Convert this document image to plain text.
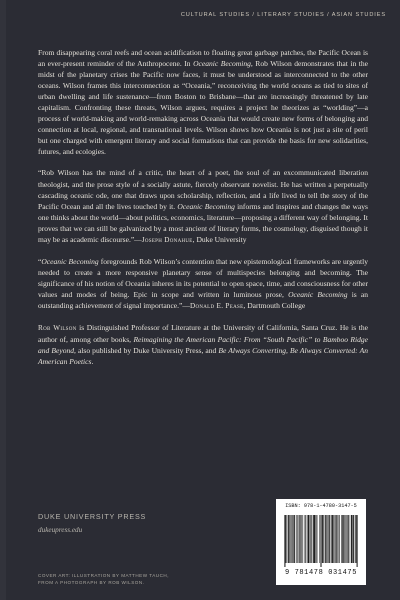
CULTURAL STUDIES / LITERARY STUDIES / ASIAN STUDIES

From disappearing coral reefs and ocean acidification to floating great garbage patches, the Pacific Ocean is an ever-present reminder of the Anthropocene. In Oceanic Becoming, Rob Wilson demonstrates that in the midst of the planetary crises the Pacific now faces, it must be understood as interconnected to the other oceans. Wilson frames this interconnection as “Oceania,” reconceiving the world oceans as tied to sites of urban dwelling and life sustenance—from Boston to Brisbane—that are increasingly threatened by late capitalism. Confronting these threats, Wilson argues, requires a project he theorizes as “worlding”—a process of world-making and world-remaking across Oceania that would create new forms of belonging and connection at local, regional, and transnational levels. Wilson shows how Oceania is not just a site of peril but one charged with emergent literary and social formations that can provide the basis for new solidarities, futures, and ecologies.

“Rob Wilson has the mind of a critic, the heart of a poet, the soul of an excommunicated liberation theologist, and the prose style of a socially astute, fiercely observant novelist. He has written a perpetually cascading oceanic ode, one that draws upon scholarship, reflection, and a life lived to tell the story of the Pacific Ocean and all the lives touched by it. Oceanic Becoming informs and inspires and changes the ways one thinks about the world—about politics, economics, literature—proposing a different way of belonging. It proves that we can still be galvanized by a most ancient of literary forms, the cosmology, disguised though it may be as academic discourse.”—Joseph Donahue, Duke University

“Oceanic Becoming foregrounds Rob Wilson’s contention that new epistemological frameworks are urgently needed to create a more responsive planetary sense of multispecies belonging and becoming. The significance of his notion of Oceania inheres in its potential to open space, time, and consciousness for other values and modes of being. Epic in scope and written in luminous prose, Oceanic Becoming is an outstanding achievement of signal importance.”—Donald E. Pease, Dartmouth College

Rob Wilson is Distinguished Professor of Literature at the University of California, Santa Cruz. He is the author of, among other books, Reimagining the American Pacific: From “South Pacific” to Bamboo Ridge and Beyond, also published by Duke University Press, and Be Always Converting, Be Always Converted: An American Poetics.

DUKE UNIVERSITY PRESS
dukeupress.edu
COVER ART: ILLUSTRATION BY MATTHEW TAUCH,
FROM A PHOTOGRAPH BY ROB WILSON.
ISBN: 978-1-4780-3147-5
9 781478 031475
